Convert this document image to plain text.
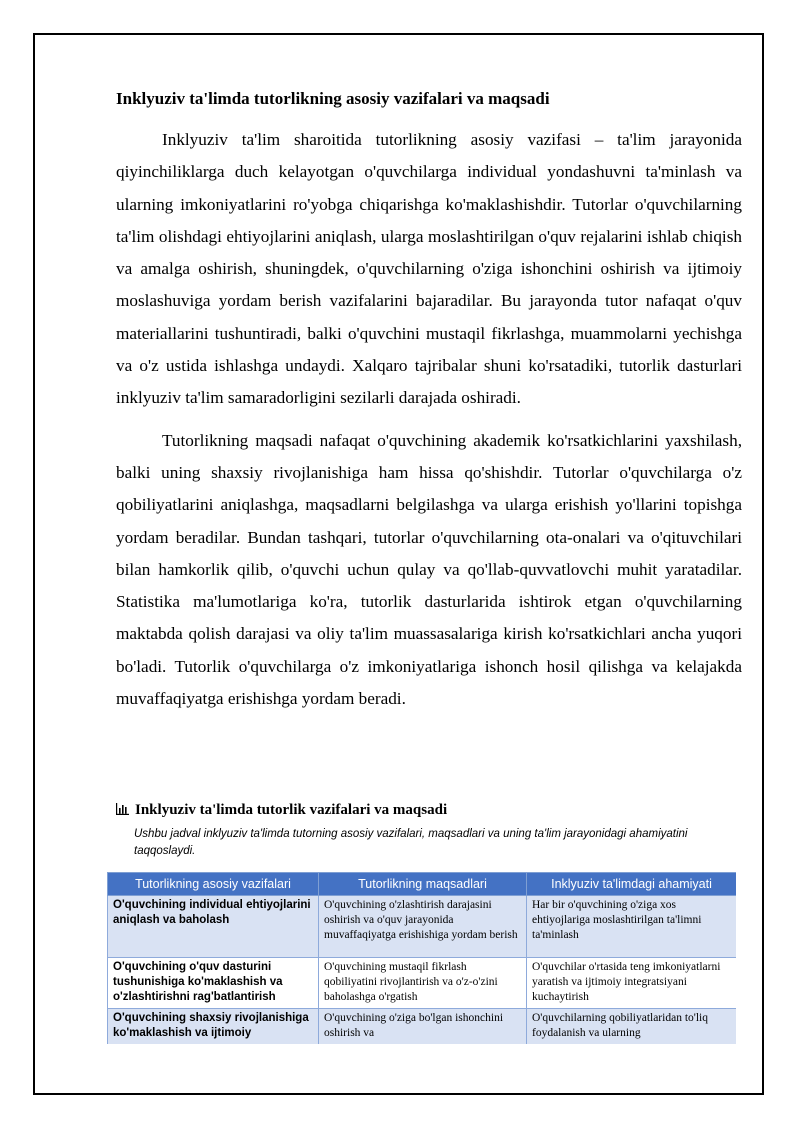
Inklyuziv ta'limda tutorlikning asosiy vazifalari va maqsadi

Inklyuziv ta'lim sharoitida tutorlikning asosiy vazifasi – ta'lim jarayonida qiyinchiliklarga duch kelayotgan o'quvchilarga individual yondashuvni ta'minlash va ularning imkoniyatlarini ro'yobga chiqarishga ko'maklashishdir. Tutorlar o'quvchilarning ta'lim olishdagi ehtiyojlarini aniqlash, ularga moslashtirilgan o'quv rejalarini ishlab chiqish va amalga oshirish, shuningdek, o'quvchilarning o'ziga ishonchini oshirish va ijtimoiy moslashuviga yordam berish vazifalarini bajaradilar. Bu jarayonda tutor nafaqat o'quv materiallarini tushuntiradi, balki o'quvchini mustaqil fikrlashga, muammolarni yechishga va o'z ustida ishlashga undaydi. Xalqaro tajribalar shuni ko'rsatadiki, tutorlik dasturlari inklyuziv ta'lim samaradorligini sezilarli darajada oshiradi.

Tutorlikning maqsadi nafaqat o'quvchining akademik ko'rsatkichlarini yaxshilash, balki uning shaxsiy rivojlanishiga ham hissa qo'shishdir. Tutorlar o'quvchilarga o'z qobiliyatlarini aniqlashga, maqsadlarni belgilashga va ularga erishish yo'llarini topishga yordam beradilar. Bundan tashqari, tutorlar o'quvchilarning ota-onalari va o'qituvchilari bilan hamkorlik qilib, o'quvchi uchun qulay va qo'llab-quvvatlovchi muhit yaratadilar. Statistika ma'lumotlariga ko'ra, tutorlik dasturlarida ishtirok etgan o'quvchilarning maktabda qolish darajasi va oliy ta'lim muassasalariga kirish ko'rsatkichlari ancha yuqori bo'ladi. Tutorlik o'quvchilarga o'z imkoniyatlariga ishonch hosil qilishga va kelajakda muvaffaqiyatga erishishga yordam beradi.

Inklyuziv ta'limda tutorlik vazifalari va maqsadi
Ushbu jadval inklyuziv ta'limda tutorning asosiy vazifalari, maqsadlari va uning ta'lim jarayonidagi ahamiyatini taqqoslaydi.
Tutorlikning asosiy vazifalari	Tutorlikning maqsadlari	Inklyuziv ta'limdagi ahamiyati
O'quvchining individual ehtiyojlarini aniqlash va baholash	O'quvchining o'zlashtirish darajasini oshirish va o'quv jarayonida muvaffaqiyatga erishishiga yordam berish	Har bir o'quvchining o'ziga xos ehtiyojlariga moslashtirilgan ta'limni ta'minlash
O'quvchining o'quv dasturini tushunishiga ko'maklashish va o'zlashtirishni rag'batlantirish	O'quvchining mustaqil fikrlash qobiliyatini rivojlantirish va o'z-o'zini baholashga o'rgatish	O'quvchilar o'rtasida teng imkoniyatlarni yaratish va ijtimoiy integratsiyani kuchaytirish
O'quvchining shaxsiy rivojlanishiga ko'maklashish va ijtimoiy	O'quvchining o'ziga bo'lgan ishonchini oshirish va	O'quvchilarning qobiliyatlaridan to'liq foydalanish va ularning
